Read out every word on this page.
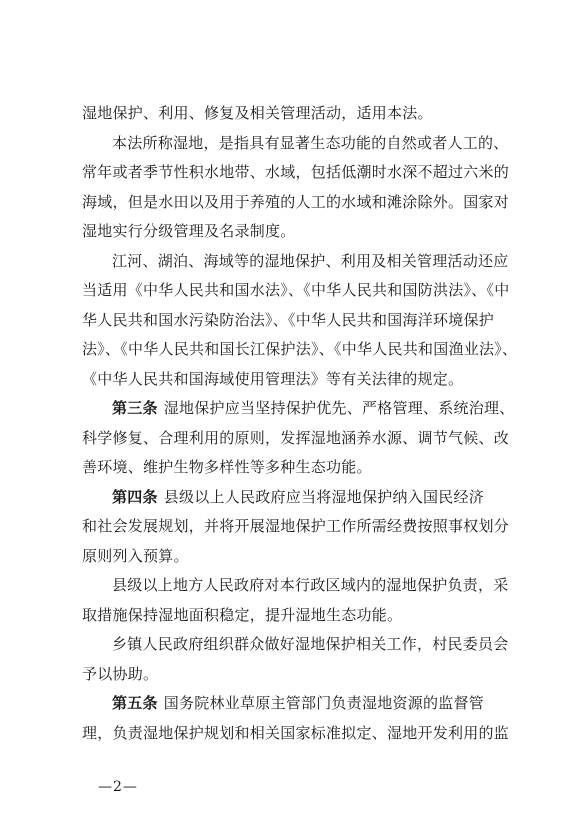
湿地保护、利用、修复及相关管理活动，适用本法。
本法所称湿地，是指具有显著生态功能的自然或者人工的、
常年或者季节性积水地带、水域，包括低潮时水深不超过六米的
海域，但是水田以及用于养殖的人工的水域和滩涂除外。国家对
湿地实行分级管理及名录制度。
江河、湖泊、海域等的湿地保护、利用及相关管理活动还应
当适用《中华人民共和国水法》、《中华人民共和国防洪法》、《中
华人民共和国水污染防治法》、《中华人民共和国海洋环境保护
法》、《中华人民共和国长江保护法》、《中华人民共和国渔业法》、
《中华人民共和国海域使用管理法》等有关法律的规定。
第三条 湿地保护应当坚持保护优先、严格管理、系统治理、
科学修复、合理利用的原则，发挥湿地涵养水源、调节气候、改
善环境、维护生物多样性等多种生态功能。
第四条 县级以上人民政府应当将湿地保护纳入国民经济
和社会发展规划，并将开展湿地保护工作所需经费按照事权划分
原则列入预算。
县级以上地方人民政府对本行政区域内的湿地保护负责，采
取措施保持湿地面积稳定，提升湿地生态功能。
乡镇人民政府组织群众做好湿地保护相关工作，村民委员会
予以协助。
第五条 国务院林业草原主管部门负责湿地资源的监督管
理，负责湿地保护规划和相关国家标准拟定、湿地开发利用的监
—2—
